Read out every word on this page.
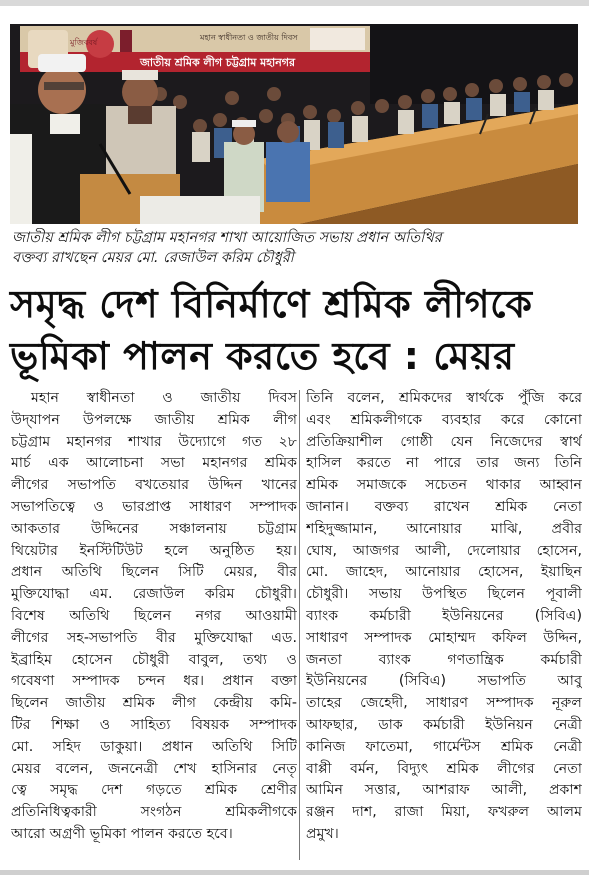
মুজিববর্ষ
মহান স্বাধীনতা ও জাতীয় দিবস
জাতীয় শ্রমিক লীগ চট্টগ্রাম মহানগর
জাতীয় শ্রমিক লীগ চট্টগ্রাম মহানগর শাখা আয়োজিত সভায় প্রধান অতিথির
বক্তব্য রাখছেন মেয়র মো. রেজাউল করিম চৌধুরী
সমৃদ্ধ দেশ বিনির্মাণে শ্রমিক লীগকে
ভূমিকা পালন করতে হবে : মেয়র
মহান স্বাধীনতা ও জাতীয় দিবস
উদ্‌যাপন উপলক্ষে জাতীয় শ্রমিক লীগ
চট্টগ্রাম মহানগর শাখার উদ্যোগে গত ২৮
মার্চ এক আলোচনা সভা মহানগর শ্রমিক
লীগের সভাপতি বখতেয়ার উদ্দিন খানের
সভাপতিত্বে ও ভারপ্রাপ্ত সাধারণ সম্পাদক
আকতার উদ্দিনের সঞ্চালনায় চট্টগ্রাম
থিয়েটার ইনস্টিটিউট হলে অনুষ্ঠিত হয়।
প্রধান অতিথি ছিলেন সিটি মেয়র, বীর
মুক্তিযোদ্ধা এম. রেজাউল করিম চৌধুরী।
বিশেষ অতিথি ছিলেন নগর আওয়ামী
লীগের সহ-সভাপতি বীর মুক্তিযোদ্ধা এড.
ইব্রাহিম হোসেন চৌধুরী বাবুল, তথ্য ও
গবেষণা সম্পাদক চন্দন ধর। প্রধান বক্তা
ছিলেন জাতীয় শ্রমিক লীগ কেন্দ্রীয় কমি-
টির শিক্ষা ও সাহিত্য বিষয়ক সম্পাদক
মো. সহিদ ডাকুয়া। প্রধান অতিথি সিটি
মেয়র বলেন, জননেত্রী শেখ হাসিনার নেতৃ
ত্বে সমৃদ্ধ দেশ গড়তে শ্রমিক শ্রেণীর
প্রতিনিধিত্বকারী সংগঠন শ্রমিকলীগকে
আরো অগ্রণী ভূমিকা পালন করতে হবে।
তিনি বলেন, শ্রমিকদের স্বার্থকে পুঁজি করে
এবং শ্রমিকলীগকে ব্যবহার করে কোনো
প্রতিক্রিয়াশীল গোষ্ঠী যেন নিজেদের স্বার্থ
হাসিল করতে না পারে তার জন্য তিনি
শ্রমিক সমাজকে সচেতন থাকার আহ্বান
জানান। বক্তব্য রাখেন শ্রমিক নেতা
শহিদুজ্জামান, আনোয়ার মাঝি, প্রবীর
ঘোষ, আজগর আলী, দেলোয়ার হোসেন,
মো. জাহেদ, আনোয়ার হোসেন, ইয়াছিন
চৌধুরী। সভায় উপস্থিত ছিলেন পূবালী
ব্যাংক কর্মচারী ইউনিয়নের (সিবিএ)
সাধারণ সম্পাদক মোহাম্মদ কফিল উদ্দিন,
জনতা ব্যাংক গণতান্ত্রিক কর্মচারী
ইউনিয়নের (সিবিএ) সভাপতি আবু
তাহের জেহেদী, সাধারণ সম্পাদক নূরুল
আফছার, ডাক কর্মচারী ইউনিয়ন নেত্রী
কানিজ ফাতেমা, গার্মেন্টস শ্রমিক নেত্রী
বাপ্পী বর্মন, বিদ্যুৎ শ্রমিক লীগের নেতা
আমিন সত্তার, আশরাফ আলী, প্রকাশ
রঞ্জন দাশ, রাজা মিয়া, ফখরুল আলম
প্রমুখ।
